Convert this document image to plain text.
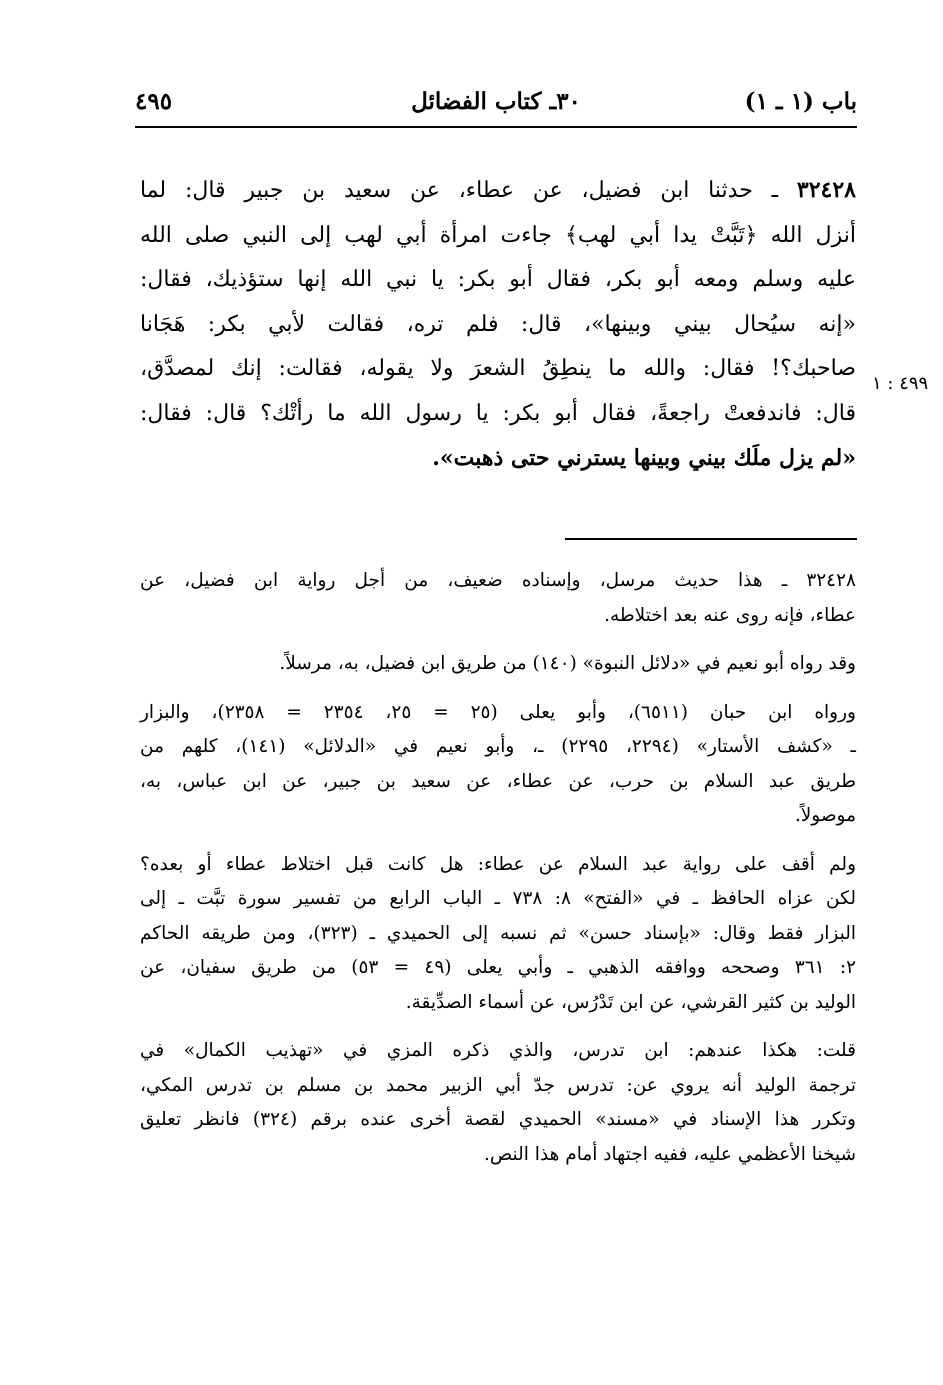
باب (١ ـ ١)
٣٠ـ كتاب الفضائل
٤٩٥
٤٩٩ : ١
٣٢٤٢٨ ـ حدثنا ابن فضيل، عن عطاء، عن سعيد بن جبير قال: لما
أنزل الله ﴿تَبَّتْ يدا أبي لهب﴾ جاءت امرأة أبي لهب إلى النبي صلى الله
عليه وسلم ومعه أبو بكر، فقال أبو بكر: يا نبي الله إنها ستؤذيك، فقال:
«إنه سيُحال بيني وبينها»، قال: فلم تره، فقالت لأبي بكر: هَجَانا
صاحبك؟! فقال: والله ما ينطِقُ الشعرَ ولا يقوله، فقالت: إنك لمصدَّق،
قال: فاندفعتْ راجعةً، فقال أبو بكر: يا رسول الله ما رأتْك؟ قال: فقال:
«لم يزل ملَك بيني وبينها يسترني حتى ذهبت».
٣٢٤٢٨ ـ هذا حديث مرسل، وإسناده ضعيف، من أجل رواية ابن فضيل، عن
عطاء، فإنه روى عنه بعد اختلاطه.
وقد رواه أبو نعيم في «دلائل النبوة» (١٤٠) من طريق ابن فضيل، به، مرسلاً.
ورواه ابن حبان (٦٥١١)، وأبو يعلى (٢٥ = ٢٥، ٢٣٥٤ = ٢٣٥٨)، والبزار
ـ «كشف الأستار» (٢٢٩٤، ٢٢٩٥) ـ، وأبو نعيم في «الدلائل» (١٤١)، كلهم من
طريق عبد السلام بن حرب، عن عطاء، عن سعيد بن جبير، عن ابن عباس، به،
موصولاً.
ولم أقف على رواية عبد السلام عن عطاء: هل كانت قبل اختلاط عطاء أو بعده؟
لكن عزاه الحافظ ـ في «الفتح» ٨: ٧٣٨ ـ الباب الرابع من تفسير سورة تبَّت ـ إلى
البزار فقط وقال: «بإسناد حسن» ثم نسبه إلى الحميدي ـ (٣٢٣)، ومن طريقه الحاكم
٢: ٣٦١ وصححه ووافقه الذهبي ـ وأبي يعلى (٤٩ = ٥٣) من طريق سفيان، عن
الوليد بن كثير القرشي، عن ابن تَدْرُس، عن أسماء الصدِّيقة.
قلت: هكذا عندهم: ابن تدرس، والذي ذكره المزي في «تهذيب الكمال» في
ترجمة الوليد أنه يروي عن: تدرس جدّ أبي الزبير محمد بن مسلم بن تدرس المكي،
وتكرر هذا الإسناد في «مسند» الحميدي لقصة أخرى عنده برقم (٣٢٤) فانظر تعليق
شيخنا الأعظمي عليه، ففيه اجتهاد أمام هذا النص.
